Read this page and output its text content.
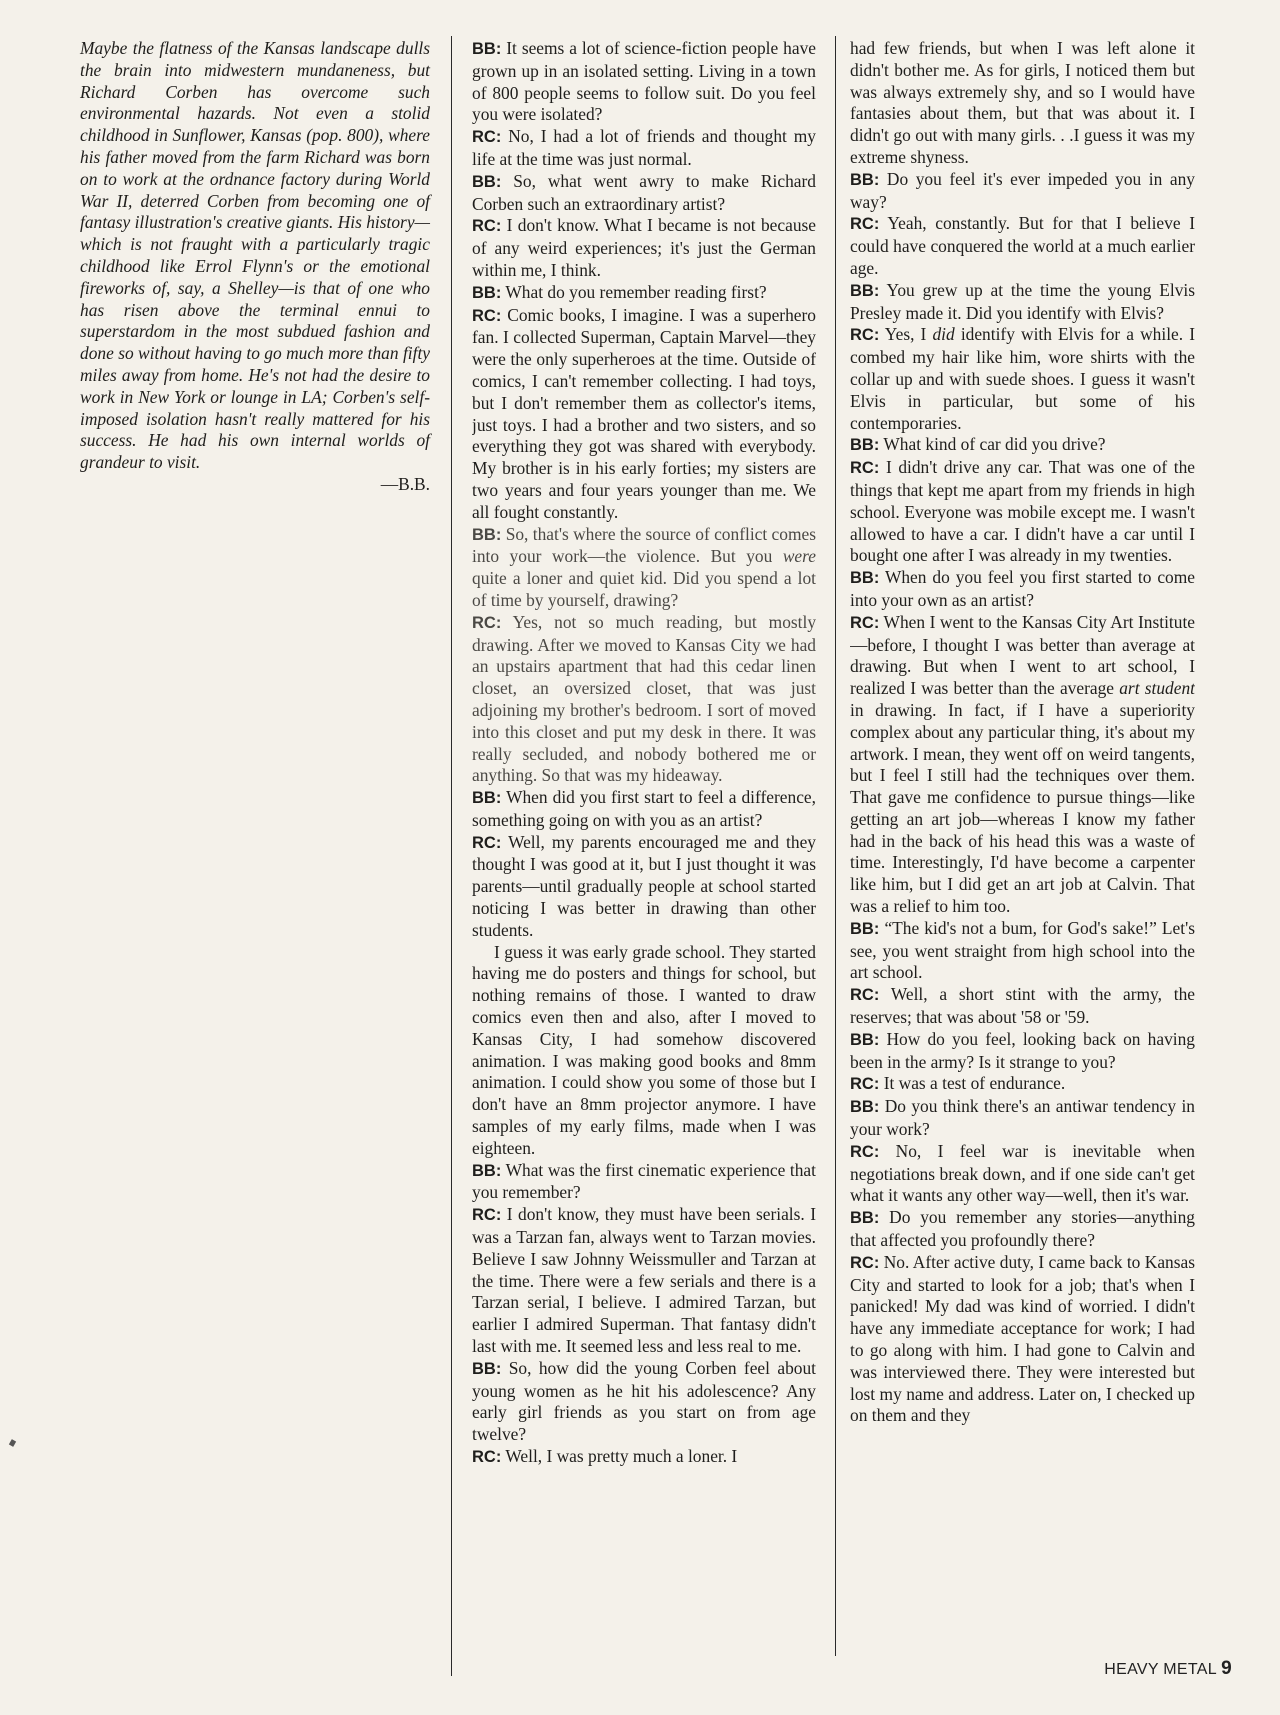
Maybe the flatness of the Kansas landscape dulls the brain into midwestern mundaneness, but Richard Corben has overcome such environmental hazards. Not even a stolid childhood in Sunflower, Kansas (pop. 800), where his father moved from the farm Richard was born on to work at the ordnance factory during World War II, deterred Corben from becoming one of fantasy illustration's creative giants. His history—which is not fraught with a particularly tragic childhood like Errol Flynn's or the emotional fireworks of, say, a Shelley—is that of one who has risen above the terminal ennui to superstardom in the most subdued fashion and done so without having to go much more than fifty miles away from home. He's not had the desire to work in New York or lounge in LA; Corben's self-imposed isolation hasn't really mattered for his success. He had his own internal worlds of grandeur to visit.

—B.B.

BB: It seems a lot of science-fiction people have grown up in an isolated setting. Living in a town of 800 people seems to follow suit. Do you feel you were isolated?

RC: No, I had a lot of friends and thought my life at the time was just normal.

BB: So, what went awry to make Richard Corben such an extraordinary artist?

RC: I don't know. What I became is not because of any weird experiences; it's just the German within me, I think.

BB: What do you remember reading first?

RC: Comic books, I imagine. I was a superhero fan. I collected Superman, Captain Marvel—they were the only superheroes at the time. Outside of comics, I can't remember collecting. I had toys, but I don't remember them as collector's items, just toys. I had a brother and two sisters, and so everything they got was shared with everybody. My brother is in his early forties; my sisters are two years and four years younger than me. We all fought constantly.

BB: So, that's where the source of conflict comes into your work—the violence. But you were quite a loner and quiet kid. Did you spend a lot of time by yourself, drawing?

RC: Yes, not so much reading, but mostly drawing. After we moved to Kansas City we had an upstairs apartment that had this cedar linen closet, an oversized closet, that was just adjoining my brother's bedroom. I sort of moved into this closet and put my desk in there. It was really secluded, and nobody bothered me or anything. So that was my hideaway.

BB: When did you first start to feel a difference, something going on with you as an artist?

RC: Well, my parents encouraged me and they thought I was good at it, but I just thought it was parents—until gradually people at school started noticing I was better in drawing than other students.

I guess it was early grade school. They started having me do posters and things for school, but nothing remains of those. I wanted to draw comics even then and also, after I moved to Kansas City, I had somehow discovered animation. I was making good books and 8mm animation. I could show you some of those but I don't have an 8mm projector anymore. I have samples of my early films, made when I was eighteen.

BB: What was the first cinematic experience that you remember?

RC: I don't know, they must have been serials. I was a Tarzan fan, always went to Tarzan movies. Believe I saw Johnny Weissmuller and Tarzan at the time. There were a few serials and there is a Tarzan serial, I believe. I admired Tarzan, but earlier I admired Superman. That fantasy didn't last with me. It seemed less and less real to me.

BB: So, how did the young Corben feel about young women as he hit his adolescence? Any early girl friends as you start on from age twelve?

RC: Well, I was pretty much a loner. I

had few friends, but when I was left alone it didn't bother me. As for girls, I noticed them but was always extremely shy, and so I would have fantasies about them, but that was about it. I didn't go out with many girls. . .I guess it was my extreme shyness.

BB: Do you feel it's ever impeded you in any way?

RC: Yeah, constantly. But for that I believe I could have conquered the world at a much earlier age.

BB: You grew up at the time the young Elvis Presley made it. Did you identify with Elvis?

RC: Yes, I did identify with Elvis for a while. I combed my hair like him, wore shirts with the collar up and with suede shoes. I guess it wasn't Elvis in particular, but some of his contemporaries.

BB: What kind of car did you drive?

RC: I didn't drive any car. That was one of the things that kept me apart from my friends in high school. Everyone was mobile except me. I wasn't allowed to have a car. I didn't have a car until I bought one after I was already in my twenties.

BB: When do you feel you first started to come into your own as an artist?

RC: When I went to the Kansas City Art Institute—before, I thought I was better than average at drawing. But when I went to art school, I realized I was better than the average art student in drawing. In fact, if I have a superiority complex about any particular thing, it's about my artwork. I mean, they went off on weird tangents, but I feel I still had the techniques over them. That gave me confidence to pursue things—like getting an art job—whereas I know my father had in the back of his head this was a waste of time. Interestingly, I'd have become a carpenter like him, but I did get an art job at Calvin. That was a relief to him too.

BB: “The kid's not a bum, for God's sake!” Let's see, you went straight from high school into the art school.

RC: Well, a short stint with the army, the reserves; that was about '58 or '59.

BB: How do you feel, looking back on having been in the army? Is it strange to you?

RC: It was a test of endurance.

BB: Do you think there's an antiwar tendency in your work?

RC: No, I feel war is inevitable when negotiations break down, and if one side can't get what it wants any other way—well, then it's war.

BB: Do you remember any stories—anything that affected you profoundly there?

RC: No. After active duty, I came back to Kansas City and started to look for a job; that's when I panicked! My dad was kind of worried. I didn't have any immediate acceptance for work; I had to go along with him. I had gone to Calvin and was interviewed there. They were interested but lost my name and address. Later on, I checked up on them and they

HEAVY METAL 9
